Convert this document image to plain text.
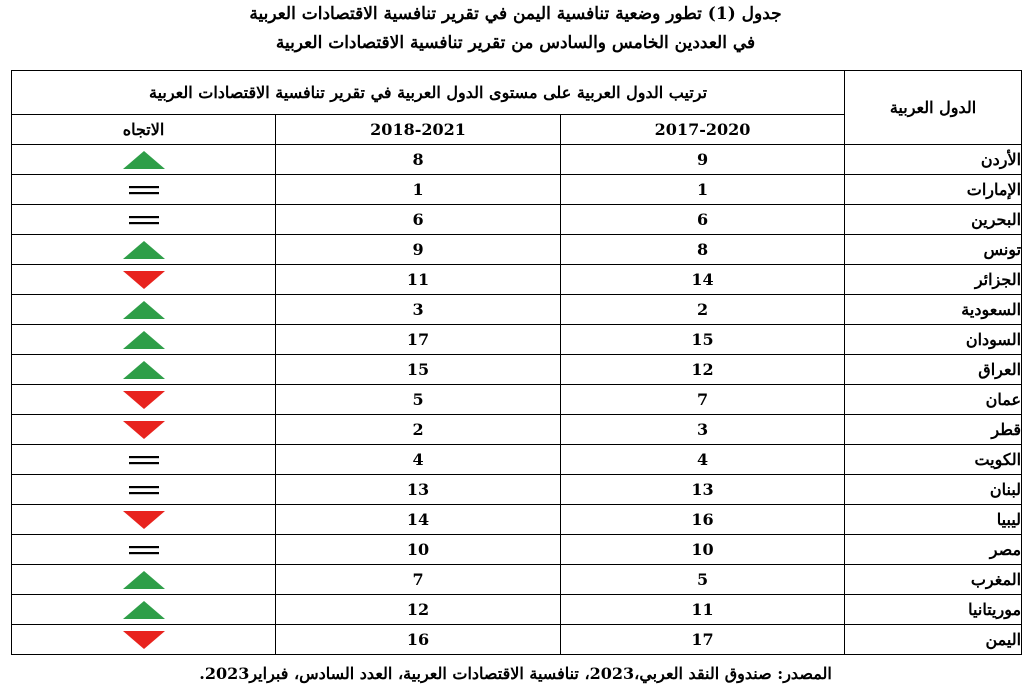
جدول (1) تطور وضعية تنافسية اليمن في تقرير تنافسية الاقتصادات العربية
في العددين الخامس والسادس من تقرير تنافسية الاقتصادات العربية
الدول العربية	ترتيب الدول العربية على مستوى الدول العربية في تقرير تنافسية الاقتصادات العربية		
	2017-2020	2018-2021	الاتجاه
الأردن	9	8	

الإمارات	1	1	

البحرين	6	6	

تونس	8	9	

الجزائر	14	11	

السعودية	2	3	

السودان	15	17	

العراق	12	15	

عمان	7	5	

قطر	3	2	

الكويت	4	4	

لبنان	13	13	

ليبيا	16	14	

مصر	10	10	

المغرب	5	7	

موريتانيا	11	12	

اليمن	17	16	
المصدر: صندوق النقد العربي،2023، تنافسية الاقتصادات العربية، العدد السادس، فبراير2023.
